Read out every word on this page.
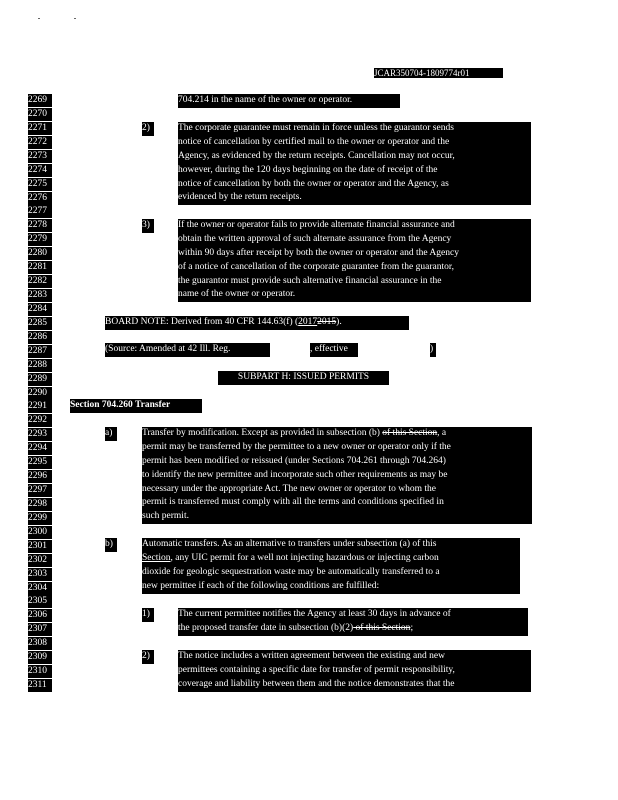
JCAR350704-1809774r01
2269
2270
2271
2272
2273
2274
2275
2276
2277
2278
2279
2280
2281
2282
2283
2284
2285
2286
2287
2288
2289
2290
2291
2292
2293
2294
2295
2296
2297
2298
2299
2300
2301
2302
2303
2304
2305
2306
2307
2308
2309
2310
2311
704.214 in the name of the owner or operator.
2)	The corporate guarantee must remain in force unless the guarantor sends
notice of cancellation by certified mail to the owner or operator and the
Agency, as evidenced by the return receipts. Cancellation may not occur,
however, during the 120 days beginning on the date of receipt of the
notice of cancellation by both the owner or operator and the Agency, as
evidenced by the return receipts.
3)	If the owner or operator fails to provide alternate financial assurance and
obtain the written approval of such alternate assurance from the Agency
within 90 days after receipt by both the owner or operator and the Agency
of a notice of cancellation of the corporate guarantee from the guarantor,
the guarantor must provide such alternative financial assurance in the
name of the owner or operator.
BOARD NOTE: Derived from 40 CFR 144.63(f) (20172015).
(Source: Amended at 42 Ill. Reg.	, effective	)
SUBPART H: ISSUED PERMITS
Section 704.260 Transfer
a)	Transfer by modification. Except as provided in subsection (b) of this Section, a
permit may be transferred by the permittee to a new owner or operator only if the
permit has been modified or reissued (under Sections 704.261 through 704.264)
to identify the new permittee and incorporate such other requirements as may be
necessary under the appropriate Act. The new owner or operator to whom the
permit is transferred must comply with all the terms and conditions specified in
such permit.
b)	Automatic transfers. As an alternative to transfers under subsection (a) of this
Section, any UIC permit for a well not injecting hazardous or injecting carbon
dioxide for geologic sequestration waste may be automatically transferred to a
new permittee if each of the following conditions are fulfilled:
1)	The current permittee notifies the Agency at least 30 days in advance of
the proposed transfer date in subsection (b)(2) of this Section;
2)	The notice includes a written agreement between the existing and new
permittees containing a specific date for transfer of permit responsibility,
coverage and liability between them and the notice demonstrates that the
